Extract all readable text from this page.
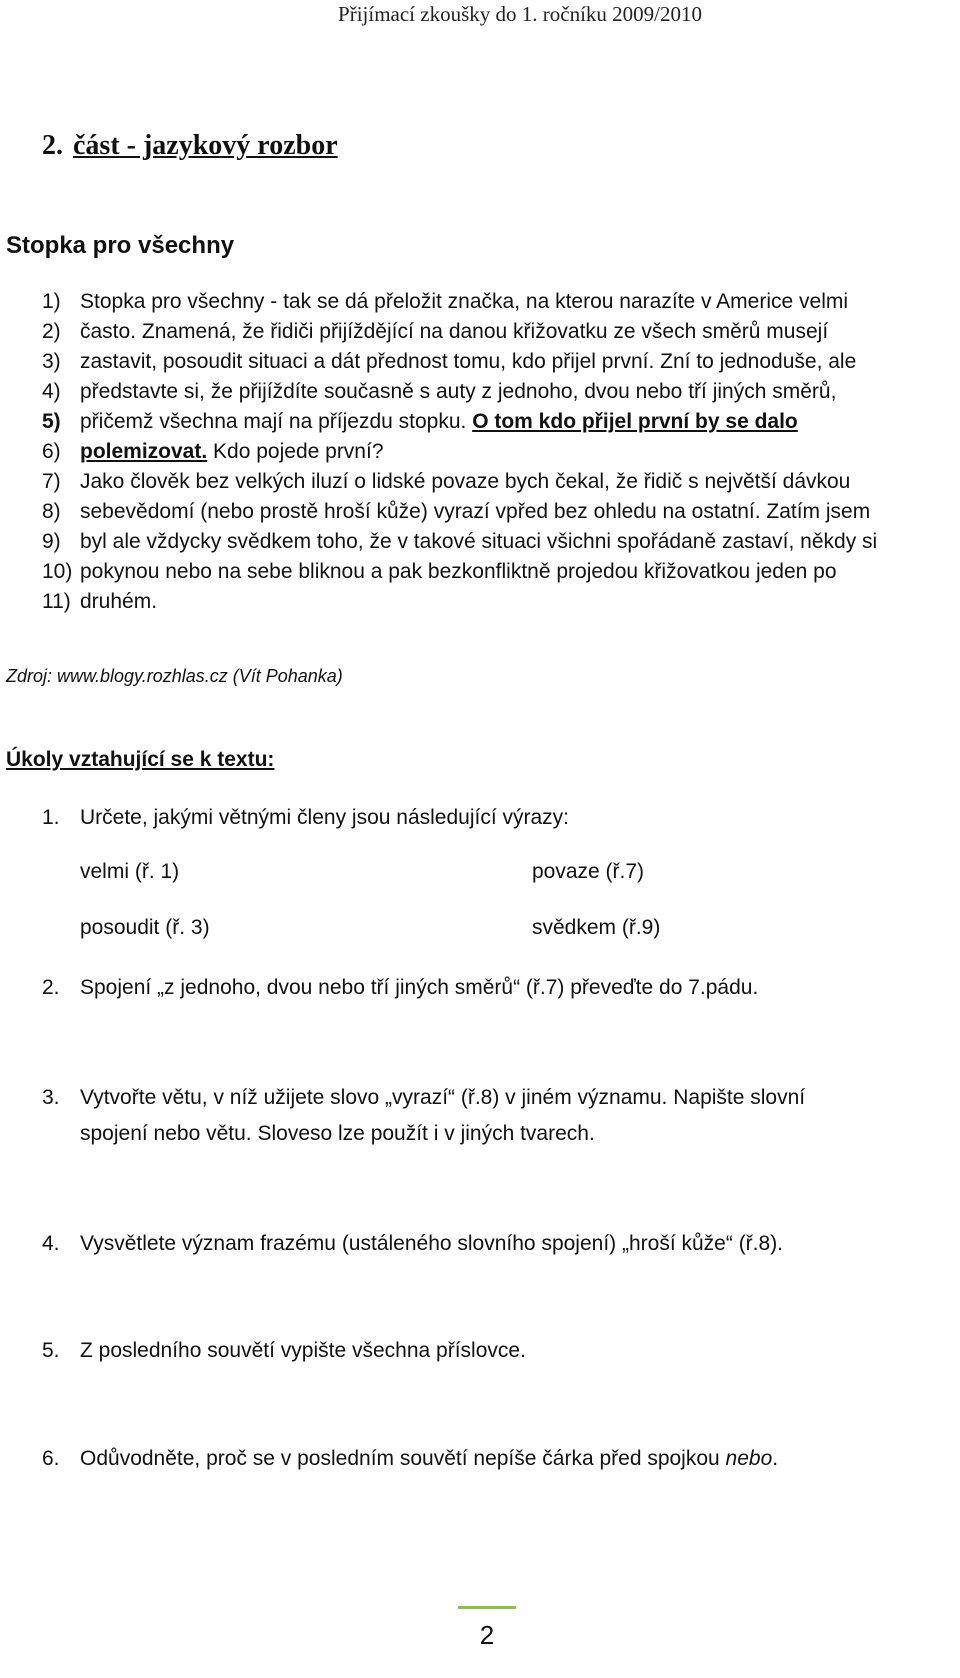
Přijímací zkoušky do 1. ročníku 2009/2010
2. část - jazykový rozbor
Stopka pro všechny
1) Stopka pro všechny - tak se dá přeložit značka, na kterou narazíte v Americe velmi
2) často. Znamená, že řidiči přijíždějící na danou křižovatku ze všech směrů musejí
3) zastavit, posoudit situaci a dát přednost tomu, kdo přijel první. Zní to jednoduše, ale
4) představte si, že přijíždíte současně s auty z jednoho, dvou nebo tří jiných směrů,
5) přičemž všechna mají na příjezdu stopku. O tom kdo přijel první by se dalo
6) polemizovat. Kdo pojede první?
7) Jako člověk bez velkých iluzí o lidské povaze bych čekal, že řidič s největší dávkou
8) sebevědomí (nebo prostě hroší kůže) vyrazí vpřed bez ohledu na ostatní. Zatím jsem
9) byl ale vždycky svědkem toho, že v takové situaci všichni spořádaně zastaví, někdy si
10) pokynou nebo na sebe bliknou a pak bezkonfliktně projedou křižovatkou jeden po
11) druhém.
Zdroj: www.blogy.rozhlas.cz (Vít Pohanka)
Úkoly vztahující se k textu:
1. Určete, jakými větnými členy jsou následující výrazy:
velmi (ř. 1)	povaze (ř.7)
posoudit (ř. 3)	svědkem (ř.9)
2. Spojení „z jednoho, dvou nebo tří jiných směrů“ (ř.7) převeďte do 7.pádu.
3. Vytvořte větu, v níž užijete slovo „vyrazí“ (ř.8) v jiném významu. Napište slovní
spojení nebo větu. Sloveso lze použít i v jiných tvarech.
4. Vysvětlete význam frazému (ustáleného slovního spojení) „hroší kůže“ (ř.8).
5. Z posledního souvětí vypište všechna příslovce.
6. Odůvodněte, proč se v posledním souvětí nepíše čárka před spojkou nebo.
2
